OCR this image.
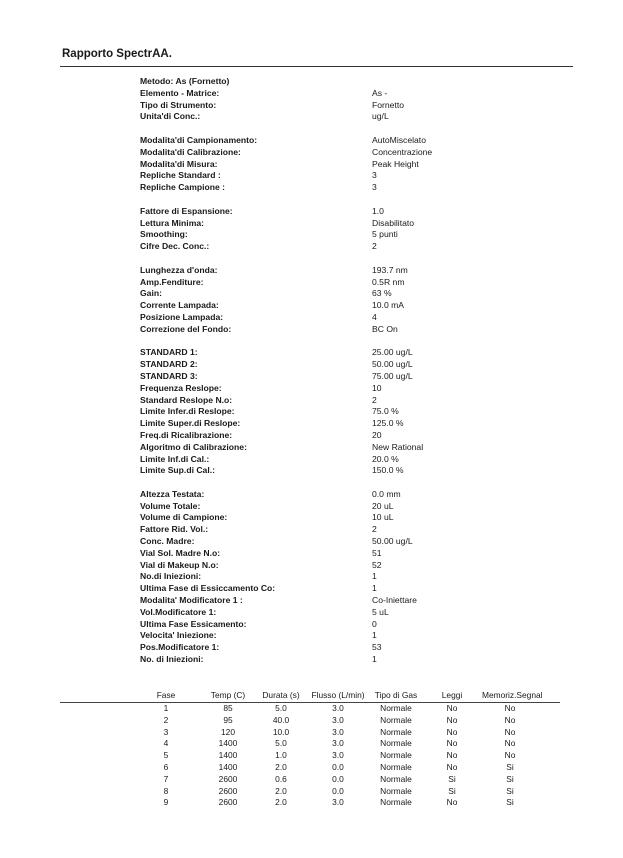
Rapporto SpectrAA.
Metodo: As (Fornetto)
Elemento - Matrice:	As -
Tipo di Strumento:	Fornetto
Unita'di Conc.:	ug/L
Modalita'di Campionamento:	AutoMiscelato
Modalita'di Calibrazione:	Concentrazione
Modalita'di Misura:	Peak Height
Repliche Standard :	3
Repliche Campione :	3
Fattore di Espansione:	1.0
Lettura Minima:	Disabilitato
Smoothing:	5 punti
Cifre Dec. Conc.:	2
Lunghezza d'onda:	193.7 nm
Amp.Fenditure:	0.5R nm
Gain:	63 %
Corrente Lampada:	10.0 mA
Posizione Lampada:	4
Correzione del Fondo:	BC On
STANDARD 1:	25.00 ug/L
STANDARD 2:	50.00 ug/L
STANDARD 3:	75.00 ug/L
Frequenza Reslope:	10
Standard Reslope N.o:	2
Limite Infer.di Reslope:	75.0 %
Limite Super.di Reslope:	125.0 %
Freq.di Ricalibrazione:	20
Algoritmo di Calibrazione:	New Rational
Limite Inf.di Cal.:	20.0 %
Limite Sup.di Cal.:	150.0 %
Altezza Testata:	0.0 mm
Volume Totale:	20 uL
Volume di Campione:	10 uL
Fattore Rid. Vol.:	2
Conc. Madre:	50.00 ug/L
Vial Sol. Madre N.o:	51
Vial di Makeup N.o:	52
No.di Iniezioni:	1
Ultima Fase di Essiccamento Co:	1
Modalita' Modificatore 1 :	Co-Iniettare
Vol.Modificatore 1:	5 uL
Ultima Fase Essicamento:	0
Velocita' Iniezione:	1
Pos.Modificatore 1:	53
No. di Iniezioni:	1
Fase	Temp (C)	Durata (s)	Flusso (L/min)	Tipo di Gas	Leggi	Memoriz.Segnal
1	85	5.0	3.0	Normale	No	No
2	95	40.0	3.0	Normale	No	No
3	120	10.0	3.0	Normale	No	No
4	1400	5.0	3.0	Normale	No	No
5	1400	1.0	3.0	Normale	No	No
6	1400	2.0	0.0	Normale	No	Si
7	2600	0.6	0.0	Normale	Si	Si
8	2600	2.0	0.0	Normale	Si	Si
9	2600	2.0	3.0	Normale	No	Si
